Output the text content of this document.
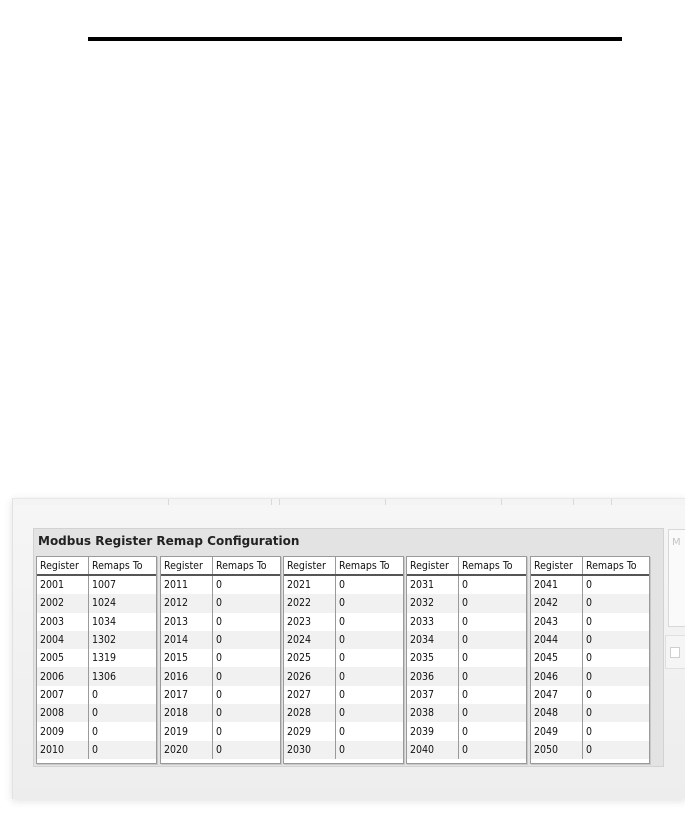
Modbus Register Remap Configuration
Register	Remaps To
2001	1007
2002	1024
2003	1034
2004	1302
2005	1319
2006	1306
2007	0
2008	0
2009	0
2010	0
Register	Remaps To
2011	0
2012	0
2013	0
2014	0
2015	0
2016	0
2017	0
2018	0
2019	0
2020	0
Register	Remaps To
2021	0
2022	0
2023	0
2024	0
2025	0
2026	0
2027	0
2028	0
2029	0
2030	0
Register	Remaps To
2031	0
2032	0
2033	0
2034	0
2035	0
2036	0
2037	0
2038	0
2039	0
2040	0
Register	Remaps To
2041	0
2042	0
2043	0
2044	0
2045	0
2046	0
2047	0
2048	0
2049	0
2050	0
M
